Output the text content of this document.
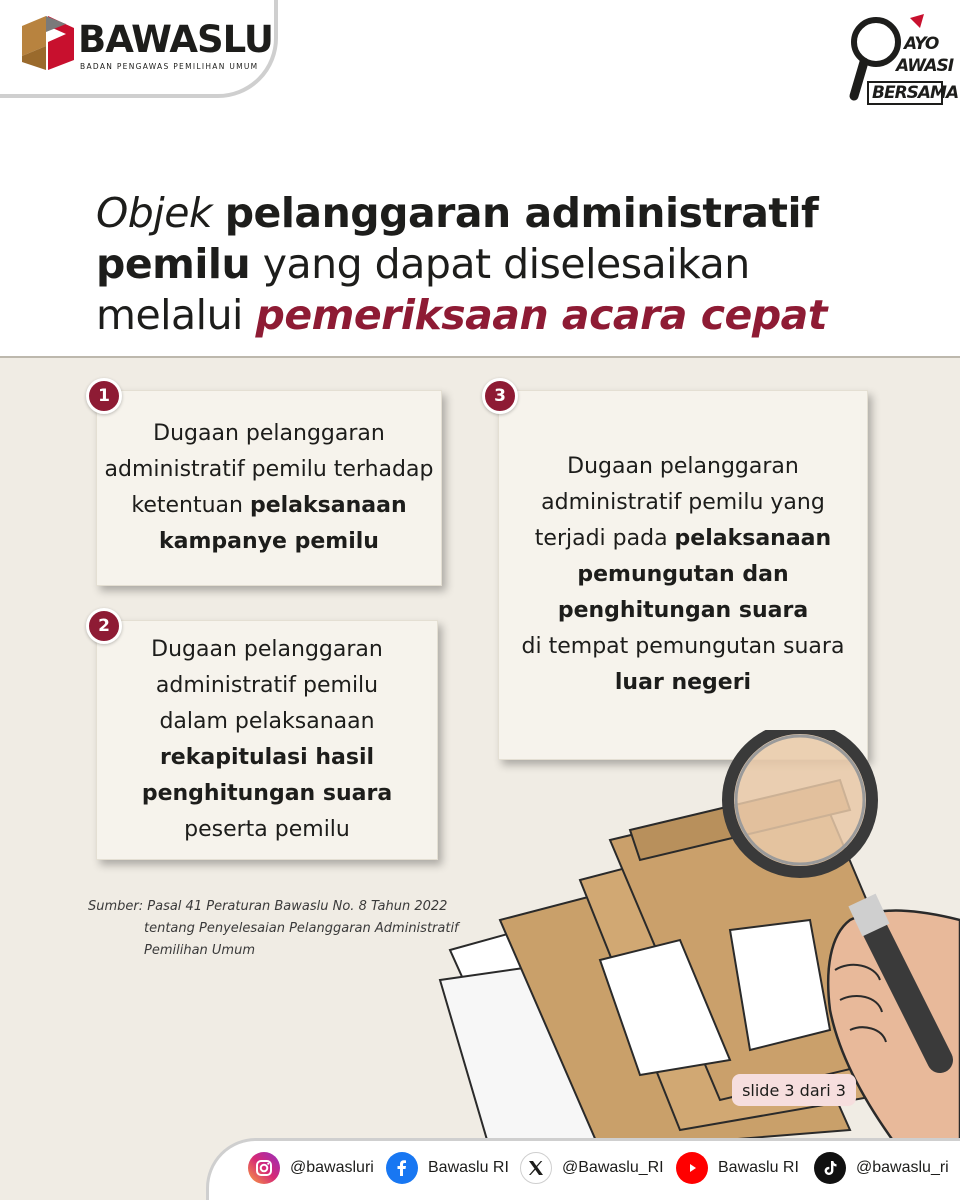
BAWASLU
BADAN PENGAWAS PEMILIHAN UMUM
AYO
AWASI
BERSAMA
Objek pelanggaran administratif
pemilu yang dapat diselesaikan
melalui pemeriksaan acara cepat
Dugaan pelanggaran
administratif pemilu terhadap
ketentuan pelaksanaan
kampanye pemilu
1
Dugaan pelanggaran
administratif pemilu
dalam pelaksanaan
rekapitulasi hasil
penghitungan suara
peserta pemilu
2
Dugaan pelanggaran
administratif pemilu yang
terjadi pada pelaksanaan
pemungutan dan
penghitungan suara
di tempat pemungutan suara
luar negeri
3
Sumber: Pasal 41 Peraturan Bawaslu No. 8 Tahun 2022
tentang Penyelesaian Pelanggaran Administratif
Pemilihan Umum
slide 3 dari 3
@bawasluri	Bawaslu RI	@Bawaslu_RI	Bawaslu RI	@bawaslu_ri
